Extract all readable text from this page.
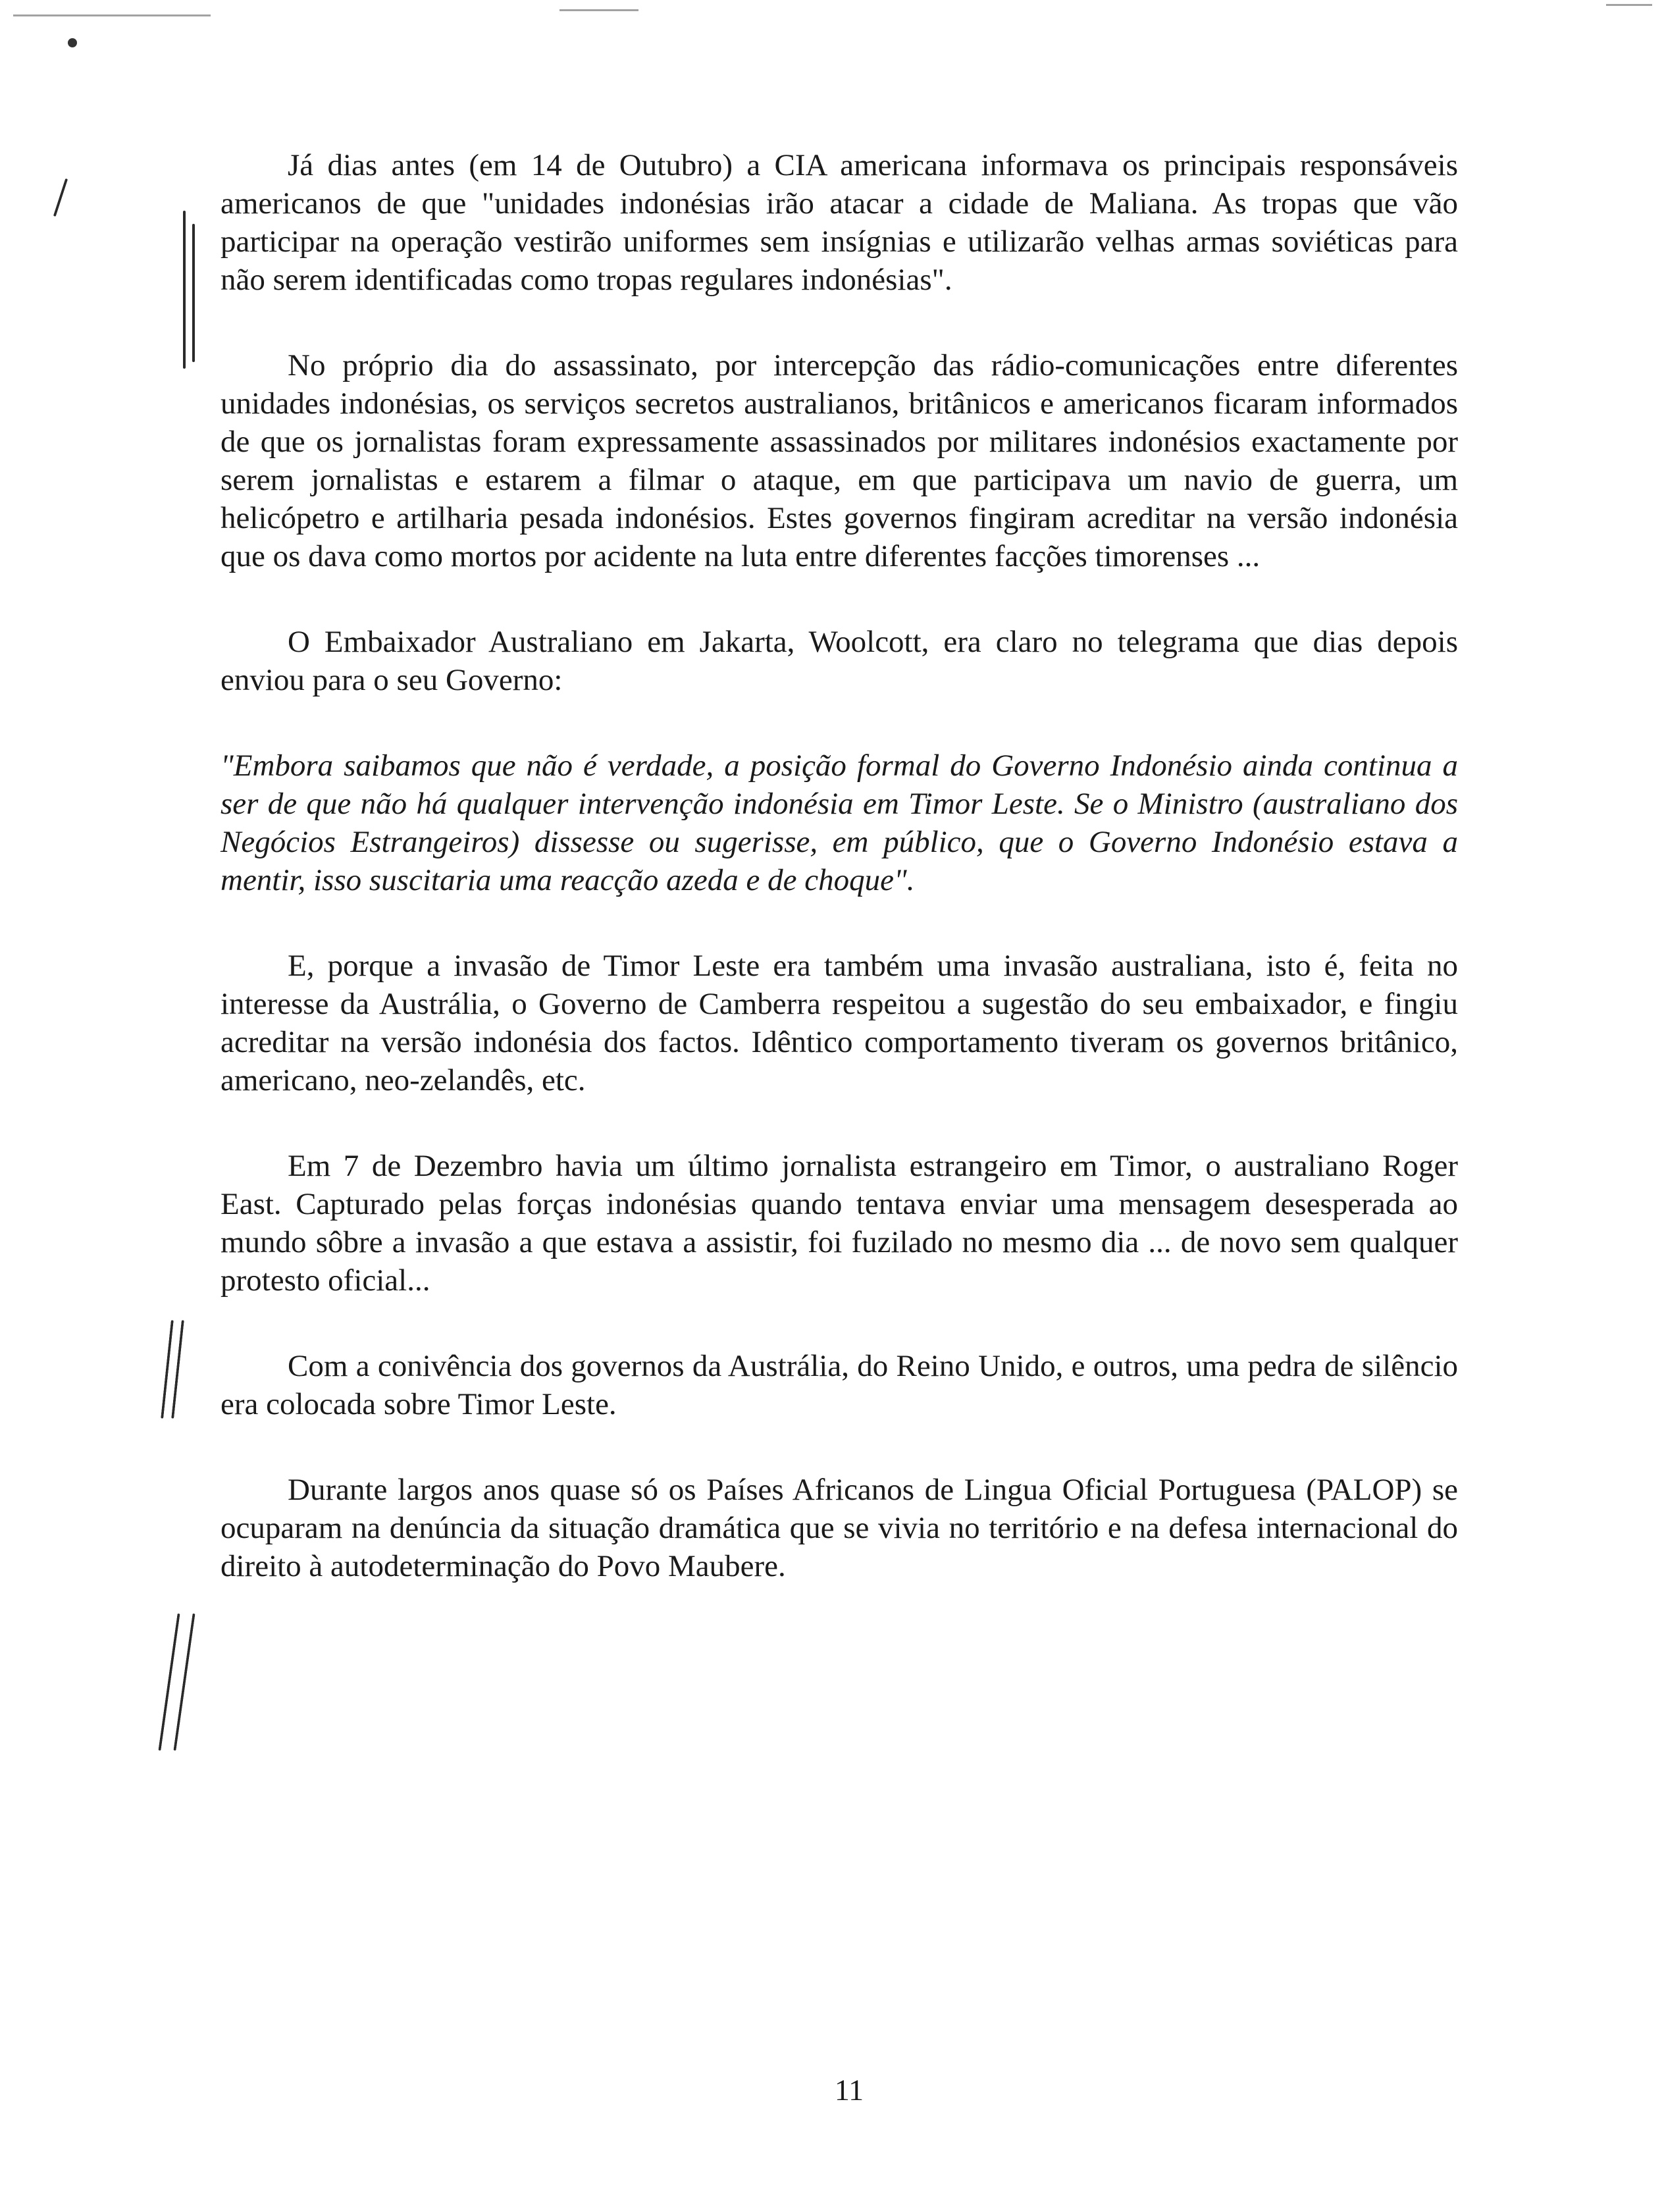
Já dias antes (em 14 de Outubro) a CIA americana informava os principais responsáveis americanos de que "unidades indonésias irão atacar a cidade de Maliana. As tropas que vão participar na operação vestirão uniformes sem insígnias e utilizarão velhas armas soviéticas para não serem identificadas como tropas regulares indonésias".

No próprio dia do assassinato, por intercepção das rádio-comunicações entre diferentes unidades indonésias, os serviços secretos australianos, britânicos e americanos ficaram informados de que os jornalistas foram expressamente assassinados por militares indonésios exactamente por serem jornalistas e estarem a filmar o ataque, em que participava um navio de guerra, um helicópetro e artilharia pesada indonésios. Estes governos fingiram acreditar na versão indonésia que os dava como mortos por acidente na luta entre diferentes facções timorenses ...

O Embaixador Australiano em Jakarta, Woolcott, era claro no telegrama que dias depois enviou para o seu Governo:

"Embora saibamos que não é verdade, a posição formal do Governo Indonésio ainda continua a ser de que não há qualquer intervenção indonésia em Timor Leste. Se o Ministro (australiano dos Negócios Estrangeiros) dissesse ou sugerisse, em público, que o Governo Indonésio estava a mentir, isso suscitaria uma reacção azeda e de choque".

E, porque a invasão de Timor Leste era também uma invasão australiana, isto é, feita no interesse da Austrália, o Governo de Camberra respeitou a sugestão do seu embaixador, e fingiu acreditar na versão indonésia dos factos. Idêntico comportamento tiveram os governos britânico, americano, neo-zelandês, etc.

Em 7 de Dezembro havia um último jornalista estrangeiro em Timor, o australiano Roger East. Capturado pelas forças indonésias quando tentava enviar uma mensagem desesperada ao mundo sôbre a invasão a que estava a assistir, foi fuzilado no mesmo dia ... de novo sem qualquer protesto oficial...

Com a conivência dos governos da Austrália, do Reino Unido, e outros, uma pedra de silêncio era colocada sobre Timor Leste.

Durante largos anos quase só os Países Africanos de Lingua Oficial Portuguesa (PALOP) se ocuparam na denúncia da situação dramática que se vivia no território e na defesa internacional do direito à autodeterminação do Povo Maubere.

11
